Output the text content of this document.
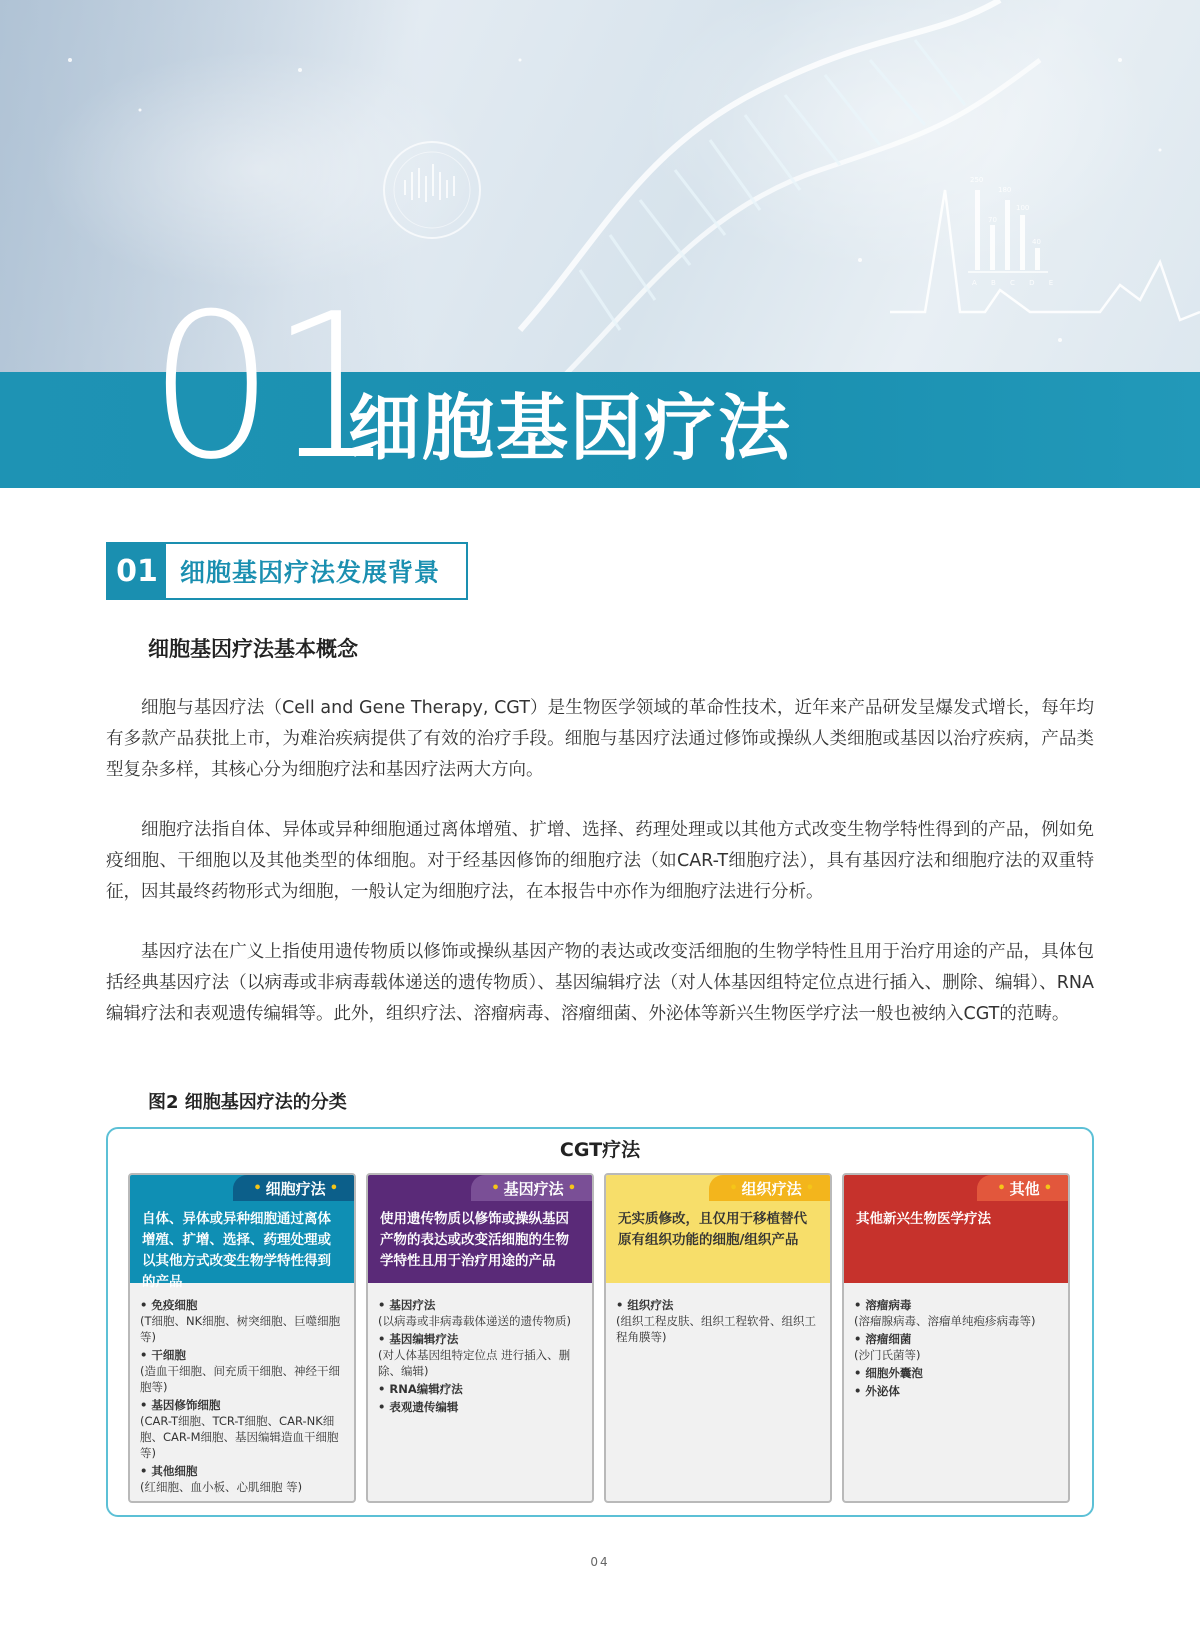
250
180
70
100
40
A B C D E
01
细胞基因疗法
01 细胞基因疗法发展背景
细胞基因疗法基本概念
细胞与基因疗法（Cell and Gene Therapy, CGT）是生物医学领域的革命性技术，近年来产品研发呈爆发式增长，每年均有多款产品获批上市，为难治疾病提供了有效的治疗手段。细胞与基因疗法通过修饰或操纵人类细胞或基因以治疗疾病，产品类型复杂多样，其核心分为细胞疗法和基因疗法两大方向。
细胞疗法指自体、异体或异种细胞通过离体增殖、扩增、选择、药理处理或以其他方式改变生物学特性得到的产品，例如免疫细胞、干细胞以及其他类型的体细胞。对于经基因修饰的细胞疗法（如CAR-T细胞疗法），具有基因疗法和细胞疗法的双重特征，因其最终药物形式为细胞，一般认定为细胞疗法，在本报告中亦作为细胞疗法进行分析。
基因疗法在广义上指使用遗传物质以修饰或操纵基因产物的表达或改变活细胞的生物学特性且用于治疗用途的产品，具体包括经典基因疗法（以病毒或非病毒载体递送的遗传物质）、基因编辑疗法（对人体基因组特定位点进行插入、删除、编辑）、RNA编辑疗法和表观遗传编辑等。此外，组织疗法、溶瘤病毒、溶瘤细菌、外泌体等新兴生物医学疗法一般也被纳入CGT的范畴。
图2 细胞基因疗法的分类
CGT疗法
• 细胞疗法 •
自体、异体或异种细胞通过离体增殖、扩增、选择、药理处理或以其他方式改变生物学特性得到的产品
• 免疫细胞
(T细胞、NK细胞、树突细胞、巨噬细胞等)
• 干细胞
(造血干细胞、间充质干细胞、神经干细胞等)
• 基因修饰细胞
(CAR-T细胞、TCR-T细胞、CAR-NK细胞、CAR-M细胞、基因编辑造血干细胞等)
• 其他细胞
(红细胞、血小板、心肌细胞 等)
• 基因疗法 •
使用遗传物质以修饰或操纵基因产物的表达或改变活细胞的生物学特性且用于治疗用途的产品
• 基因疗法
(以病毒或非病毒载体递送的遗传物质)
• 基因编辑疗法
(对人体基因组特定位点 进行插入、删除、编辑)
• RNA编辑疗法
• 表观遗传编辑
• 组织疗法 •
无实质修改，且仅用于移植替代原有组织功能的细胞/组织产品
• 组织疗法
(组织工程皮肤、组织工程软骨、组织工程角膜等)
• 其他 •
其他新兴生物医学疗法
• 溶瘤病毒
(溶瘤腺病毒、溶瘤单纯疱疹病毒等)
• 溶瘤细菌
(沙门氏菌等)
• 细胞外囊泡
• 外泌体
04
